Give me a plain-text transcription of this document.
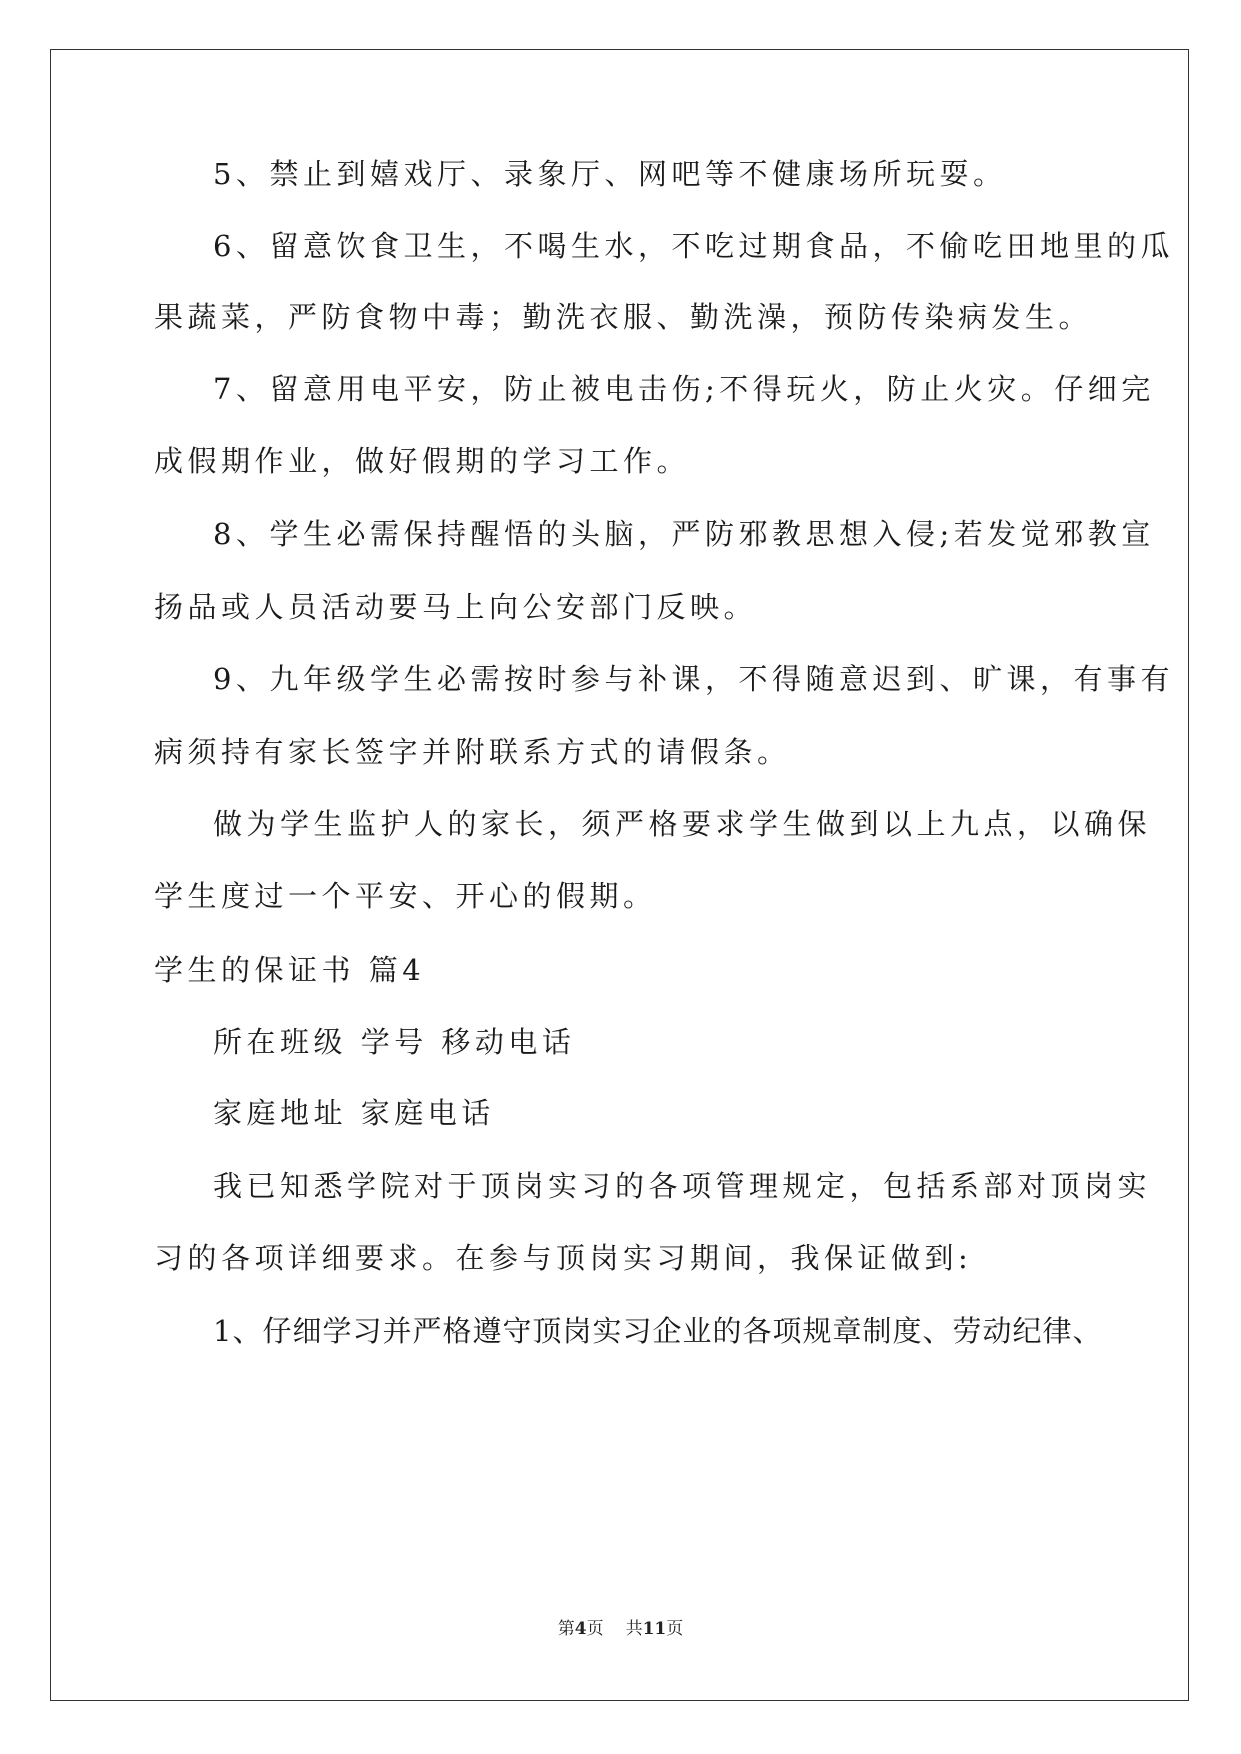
5、禁止到嬉戏厅、录象厅、网吧等不健康场所玩耍。
6、留意饮食卫生，不喝生水，不吃过期食品，不偷吃田地里的瓜
果蔬菜，严防食物中毒；勤洗衣服、勤洗澡，预防传染病发生。
7、留意用电平安，防止被电击伤;不得玩火，防止火灾。仔细完
成假期作业，做好假期的学习工作。
8、学生必需保持醒悟的头脑，严防邪教思想入侵;若发觉邪教宣
扬品或人员活动要马上向公安部门反映。
9、九年级学生必需按时参与补课，不得随意迟到、旷课，有事有
病须持有家长签字并附联系方式的请假条。
做为学生监护人的家长，须严格要求学生做到以上九点，以确保
学生度过一个平安、开心的假期。
学生的保证书 篇4
所在班级 学号 移动电话
家庭地址 家庭电话
我已知悉学院对于顶岗实习的各项管理规定，包括系部对顶岗实
习的各项详细要求。在参与顶岗实习期间，我保证做到:
1、仔细学习并严格遵守顶岗实习企业的各项规章制度、劳动纪律、
第4页 共11页
